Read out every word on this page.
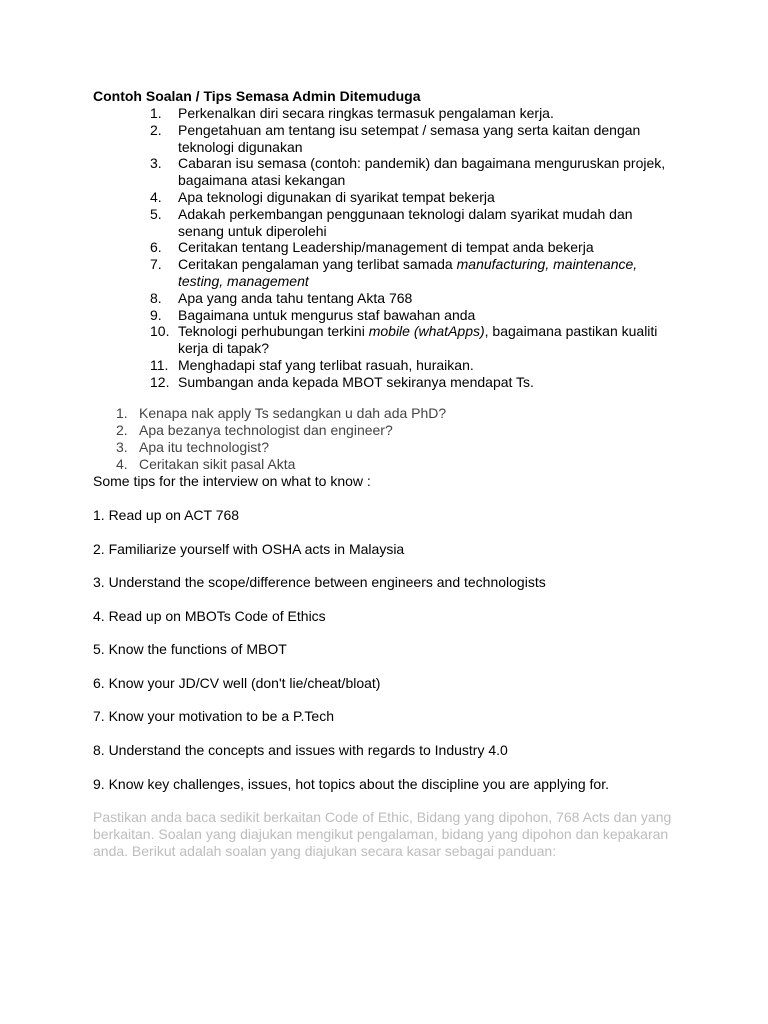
Contoh Soalan / Tips Semasa Admin Ditemuduga
1.	Perkenalkan diri secara ringkas termasuk pengalaman kerja.
2.	Pengetahuan am tentang isu setempat / semasa yang serta kaitan dengan teknologi digunakan
3.	Cabaran isu semasa (contoh: pandemik) dan bagaimana menguruskan projek, bagaimana atasi kekangan
4.	Apa teknologi digunakan di syarikat tempat bekerja
5.	Adakah perkembangan penggunaan teknologi dalam syarikat mudah dan senang untuk diperolehi
6.	Ceritakan tentang Leadership/management di tempat anda bekerja
7.	Ceritakan pengalaman yang terlibat samada manufacturing, maintenance, testing, management
8.	Apa yang anda tahu tentang Akta 768
9.	Bagaimana untuk mengurus staf bawahan anda
10. Teknologi perhubungan terkini mobile (whatApps), bagaimana pastikan kualiti kerja di tapak?
11. Menghadapi staf yang terlibat rasuah, huraikan.
12. Sumbangan anda kepada MBOT sekiranya mendapat Ts.
1. Kenapa nak apply Ts sedangkan u dah ada PhD?
2. Apa bezanya technologist dan engineer?
3. Apa itu technologist?
4. Ceritakan sikit pasal Akta
Some tips for the interview on what to know :
1. Read up on ACT 768
2. Familiarize yourself with OSHA acts in Malaysia
3. Understand the scope/difference between engineers and technologists
4. Read up on MBOTs Code of Ethics
5. Know the functions of MBOT
6. Know your JD/CV well (don't lie/cheat/bloat)
7. Know your motivation to be a P.Tech
8. Understand the concepts and issues with regards to Industry 4.0
9. Know key challenges, issues, hot topics about the discipline you are applying for.
Pastikan anda baca sedikit berkaitan Code of Ethic, Bidang yang dipohon, 768 Acts dan yang berkaitan. Soalan yang diajukan mengikut pengalaman, bidang yang dipohon dan kepakaran anda. Berikut adalah soalan yang diajukan secara kasar sebagai panduan:
